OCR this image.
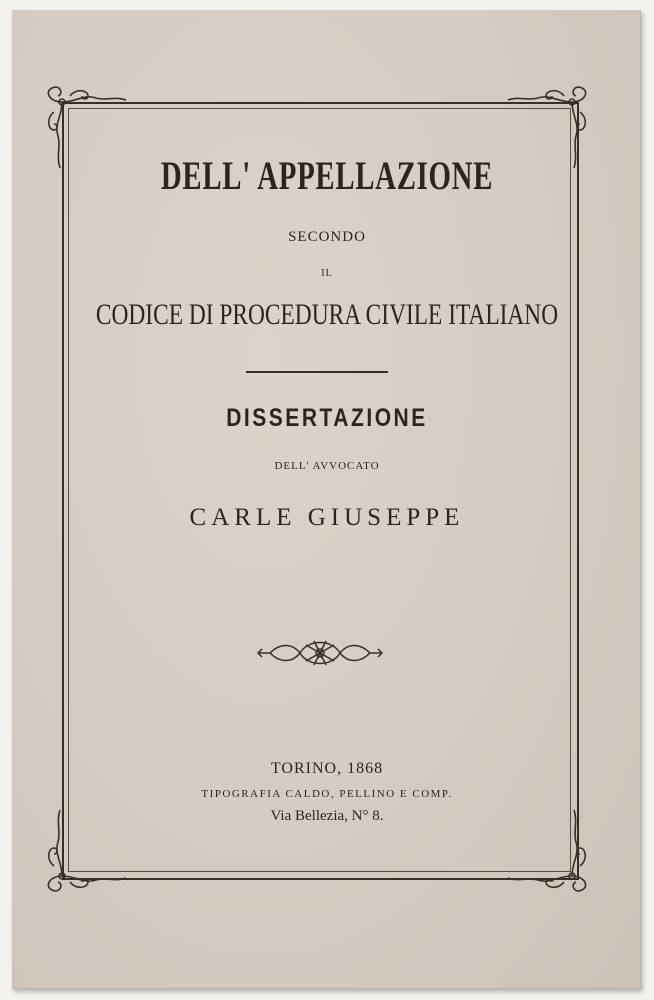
DELL' APPELLAZIONE
SECONDO
IL
CODICE DI PROCEDURA CIVILE ITALIANO
DISSERTAZIONE
DELL' AVVOCATO
CARLE GIUSEPPE
TORINO, 1868
TIPOGRAFIA CALDO, PELLINO E COMP.
Via Bellezia, N° 8.
